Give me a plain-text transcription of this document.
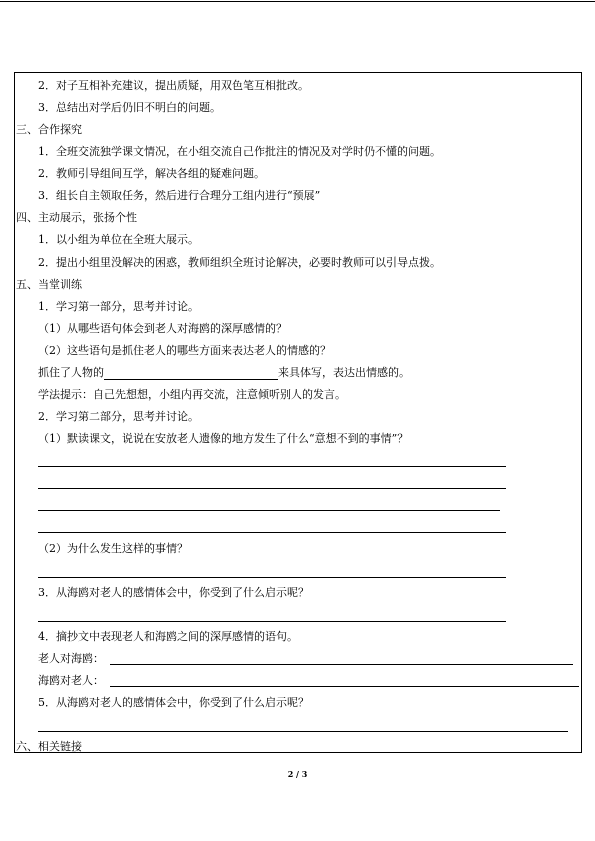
2．对子互相补充建议，提出质疑，用双色笔互相批改。
3．总结出对学后仍旧不明白的问题。
三、合作探究
1．全班交流独学课文情况，在小组交流自己作批注的情况及对学时仍不懂的问题。
2．教师引导组间互学，解决各组的疑难问题。
3．组长自主领取任务，然后进行合理分工组内进行“预展”
四、主动展示，张扬个性
1．以小组为单位在全班大展示。
2．提出小组里没解决的困惑，教师组织全班讨论解决，必要时教师可以引导点拨。
五、当堂训练
1．学习第一部分，思考并讨论。
（1）从哪些语句体会到老人对海鸥的深厚感情的？
（2）这些语句是抓住老人的哪些方面来表达老人的情感的？
抓住了人物的	来具体写，表达出情感的。
学法提示：自己先想想，小组内再交流，注意倾听别人的发言。
2．学习第二部分，思考并讨论。
（1）默读课文，说说在安放老人遗像的地方发生了什么“意想不到的事情”？
（2）为什么发生这样的事情？
3．从海鸥对老人的感情体会中，你受到了什么启示呢？
4．摘抄文中表现老人和海鸥之间的深厚感情的语句。
老人对海鸥：
海鸥对老人：
5．从海鸥对老人的感情体会中，你受到了什么启示呢？
六、相关链接
2 / 3
